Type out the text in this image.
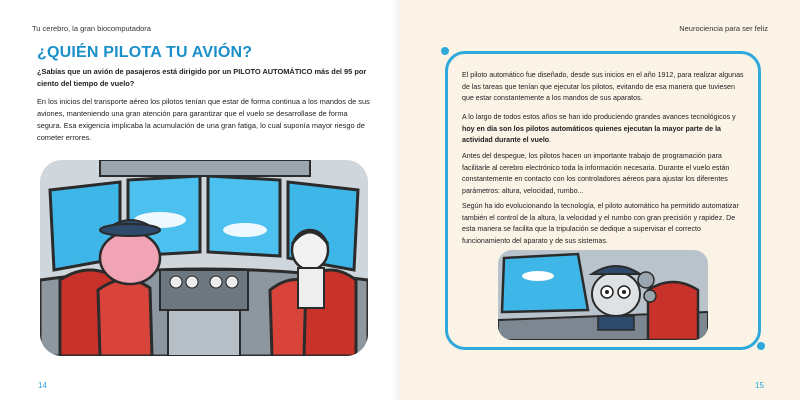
Tu cerebro, la gran biocomputadora
¿QUIÉN PILOTA TU AVIÓN?
¿Sabías que un avión de pasajeros está dirigido por un PILOTO AUTOMÁTICO más del 95 por ciento del tiempo de vuelo?
En los inicios del transporte aéreo los pilotos tenían que estar de forma continua a los mandos de sus aviones, manteniendo una gran atención para garantizar que el vuelo se desarrollase de forma segura. Esa exigencia implicaba la acumulación de una gran fatiga, lo cual suponía mayor riesgo de cometer errores.
14
Neurociencia para ser feliz
15
El piloto automático fue diseñado, desde sus inicios en el año 1912, para realizar algunas de las tareas que tenían que ejecutar los pilotos, evitando de esa manera que tuviesen que estar constantemente a los mandos de sus aparatos.
A lo largo de todos estos años se han ido produciendo grandes avances tecnológicos y hoy en día son los pilotos automáticos quienes ejecutan la mayor parte de la actividad durante el vuelo.
Antes del despegue, los pilotos hacen un importante trabajo de programación para facilitarle al cerebro electrónico toda la información necesaria. Durante el vuelo están constantemente en contacto con los controladores aéreos para ajustar los diferentes parámetros: altura, velocidad, rumbo...
Según ha ido evolucionando la tecnología, el piloto automático ha permitido automatizar también el control de la altura, la velocidad y el rumbo con gran precisión y rapidez. De esta manera se facilita que la tripulación se dedique a supervisar el correcto funcionamiento del aparato y de sus sistemas.
